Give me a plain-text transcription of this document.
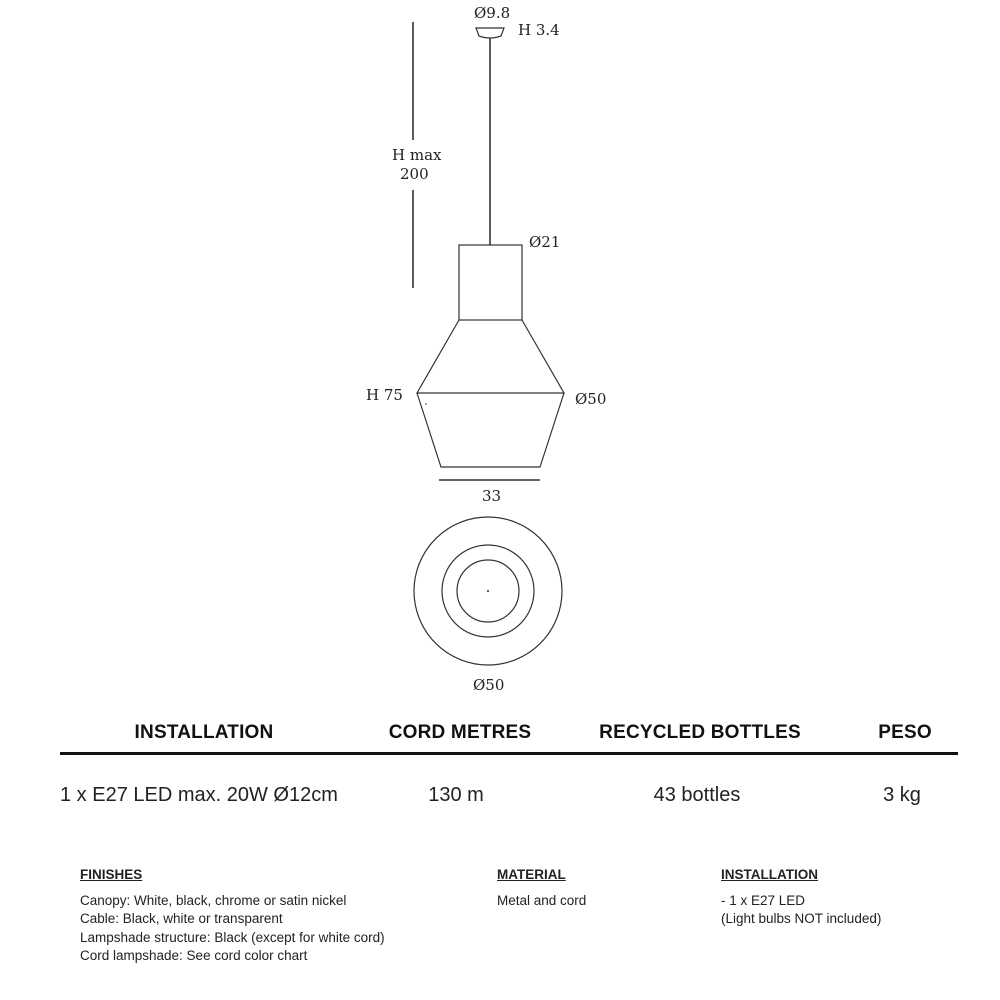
Ø9.8
H 3.4
H max
200
Ø21
H 75	Ø50
33
Ø50
INSTALLATION	CORD METRES	RECYCLED BOTTLES	PESO
1 x E27 LED max. 20W Ø12cm	130 m	43 bottles	3 kg
FINISHES
Canopy: White, black, chrome or satin nickel
Cable: Black, white or transparent
Lampshade structure: Black (except for white cord)
Cord lampshade: See cord color chart
MATERIAL
Metal and cord
INSTALLATION
- 1 x E27 LED
(Light bulbs NOT included)
